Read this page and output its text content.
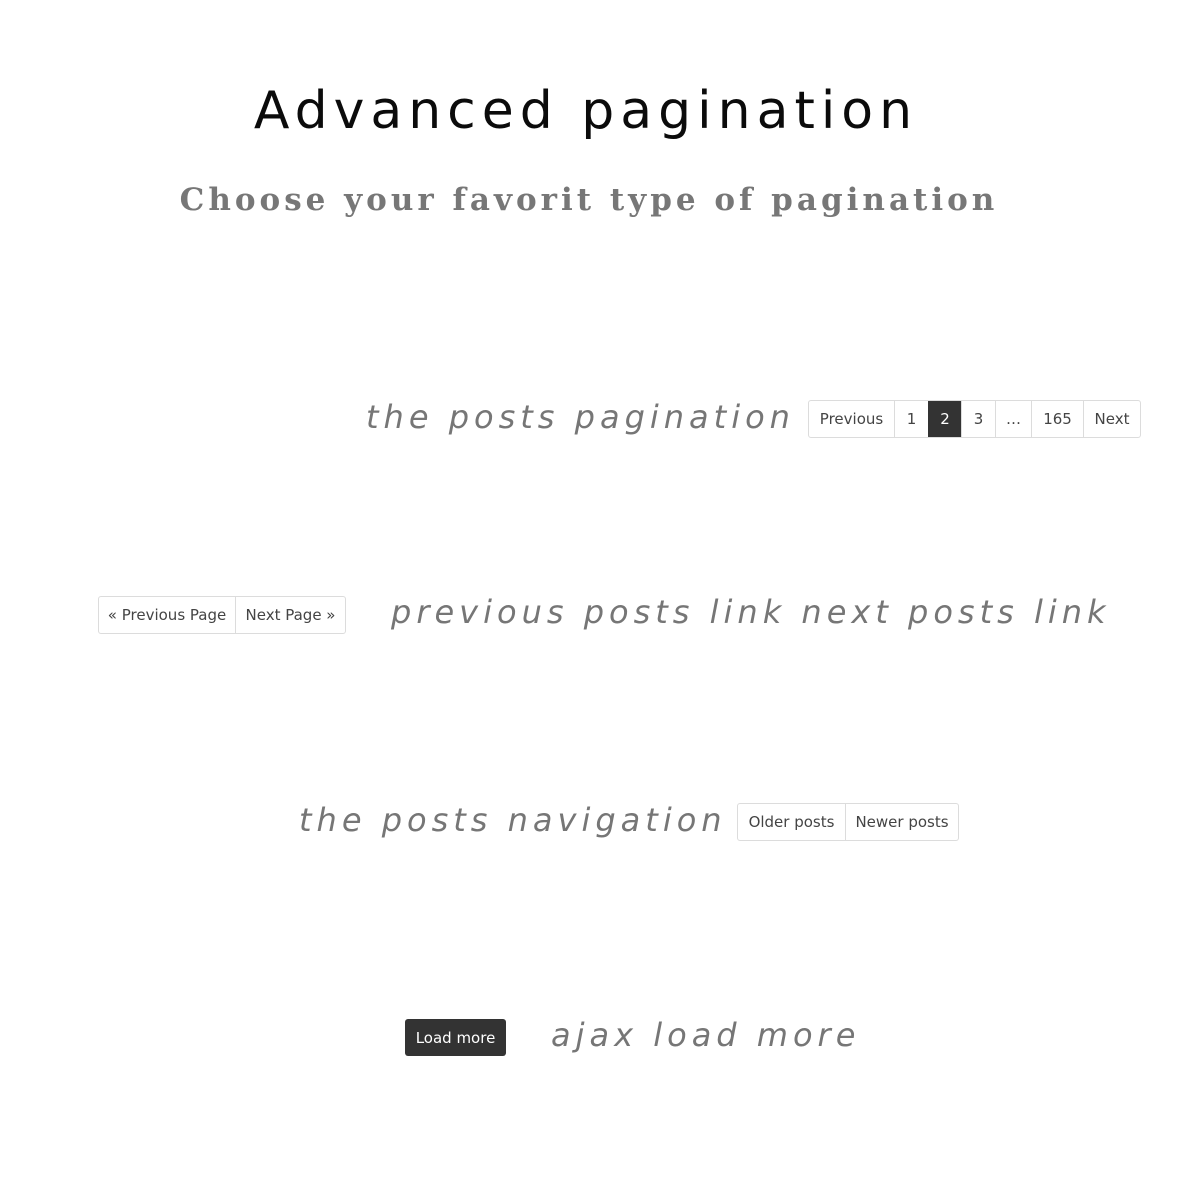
Advanced pagination
Choose your favorit type of pagination

the posts pagination	Previous	1	2	3	…	165	Next
« Previous Page	Next Page » previous posts link next posts link

the posts navigation	Older posts	Newer posts
Load more	ajax load more
